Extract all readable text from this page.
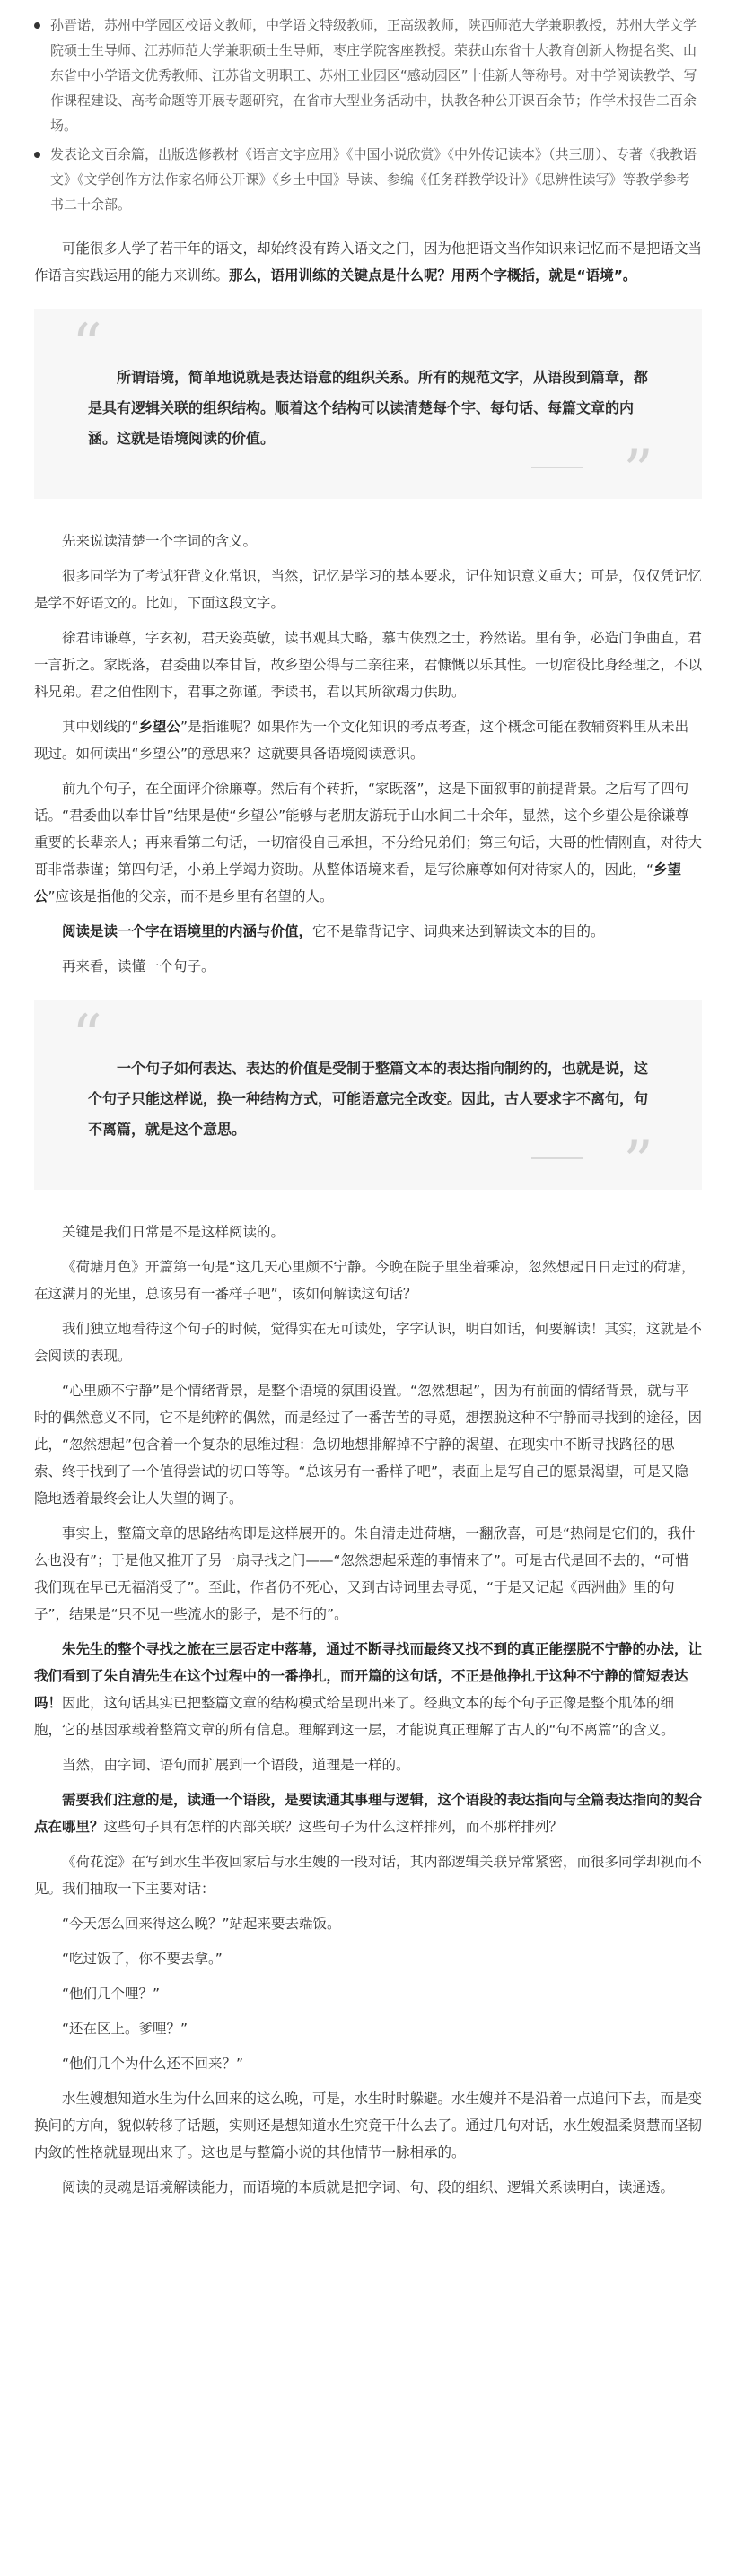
孙晋诺，苏州中学园区校语文教师，中学语文特级教师，正高级教师，陕西师范大学兼职教授，苏州大学文学院硕士生导师、江苏师范大学兼职硕士生导师，枣庄学院客座教授。荣获山东省十大教育创新人物提名奖、山东省中小学语文优秀教师、江苏省文明职工、苏州工业园区“感动园区”十佳新人等称号。对中学阅读教学、写作课程建设、高考命题等开展专题研究，在省市大型业务活动中，执教各种公开课百余节；作学术报告二百余场。
发表论文百余篇，出版选修教材《语言文字应用》《中国小说欣赏》《中外传记读本》（共三册）、专著《我教语文》《文学创作方法作家名师公开课》《乡土中国》导读、参编《任务群教学设计》《思辨性读写》等教学参考书二十余部。

可能很多人学了若干年的语文，却始终没有跨入语文之门，因为他把语文当作知识来记忆而不是把语文当作语言实践运用的能力来训练。那么，语用训练的关键点是什么呢？用两个字概括，就是“语境”。

“	所谓语境，简单地说就是表达语意的组织关系。所有的规范文字，从语段到篇章，都是具有逻辑关联的组织结构。顺着这个结构可以读清楚每个字、每句话、每篇文章的内涵。这就是语境阅读的价值。	”

先来说读清楚一个字词的含义。

很多同学为了考试狂背文化常识，当然，记忆是学习的基本要求，记住知识意义重大；可是，仅仅凭记忆是学不好语文的。比如，下面这段文字。

徐君讳谦尊，字玄初，君天姿英敏，读书观其大略，慕古侠烈之士，矜然诺。里有争，必造门争曲直，君一言折之。家既落，君委曲以奉甘旨，故乡望公得与二亲往来，君慷慨以乐其性。一切宿役比身经理之，不以科兄弟。君之伯性刚卞，君事之弥谨。季读书，君以其所欲竭力供助。

其中划线的“乡望公”是指谁呢？如果作为一个文化知识的考点考查，这个概念可能在教辅资料里从未出现过。如何读出“乡望公”的意思来？这就要具备语境阅读意识。

前九个句子，在全面评介徐廉尊。然后有个转折，“家既落”，这是下面叙事的前提背景。之后写了四句话。“君委曲以奉甘旨”结果是使“乡望公”能够与老朋友游玩于山水间二十余年，显然，这个乡望公是徐谦尊重要的长辈亲人；再来看第二句话，一切宿役自己承担，不分给兄弟们；第三句话，大哥的性情刚直，对待大哥非常恭谨；第四句话，小弟上学竭力资助。从整体语境来看，是写徐廉尊如何对待家人的，因此，“乡望公”应该是指他的父亲，而不是乡里有名望的人。

阅读是读一个字在语境里的内涵与价值，它不是靠背记字、词典来达到解读文本的目的。

再来看，读懂一个句子。

“	一个句子如何表达、表达的价值是受制于整篇文本的表达指向制约的，也就是说，这个句子只能这样说，换一种结构方式，可能语意完全改变。因此，古人要求字不离句，句不离篇，就是这个意思。	”

关键是我们日常是不是这样阅读的。

《荷塘月色》开篇第一句是“这几天心里颇不宁静。今晚在院子里坐着乘凉，忽然想起日日走过的荷塘，在这满月的光里，总该另有一番样子吧”，该如何解读这句话？

我们独立地看待这个句子的时候，觉得实在无可读处，字字认识，明白如话，何要解读！其实，这就是不会阅读的表现。

“心里颇不宁静”是个情绪背景，是整个语境的氛围设置。“忽然想起”，因为有前面的情绪背景，就与平时的偶然意义不同，它不是纯粹的偶然，而是经过了一番苦苦的寻觅，想摆脱这种不宁静而寻找到的途径，因此，“忽然想起”包含着一个复杂的思维过程：急切地想排解掉不宁静的渴望、在现实中不断寻找路径的思索、终于找到了一个值得尝试的切口等等。“总该另有一番样子吧”，表面上是写自己的愿景渴望，可是又隐隐地透着最终会让人失望的调子。

事实上，整篇文章的思路结构即是这样展开的。朱自清走进荷塘，一翻欣喜，可是“热闹是它们的，我什么也没有”；于是他又推开了另一扇寻找之门——“忽然想起采莲的事情来了”。可是古代是回不去的，“可惜我们现在早已无福消受了”。至此，作者仍不死心，又到古诗词里去寻觅，“于是又记起《西洲曲》里的句子”，结果是“只不见一些流水的影子，是不行的”。

朱先生的整个寻找之旅在三层否定中落幕，通过不断寻找而最终又找不到的真正能摆脱不宁静的办法，让我们看到了朱自清先生在这个过程中的一番挣扎，而开篇的这句话，不正是他挣扎于这种不宁静的简短表达吗！因此，这句话其实已把整篇文章的结构模式给呈现出来了。经典文本的每个句子正像是整个肌体的细胞，它的基因承载着整篇文章的所有信息。理解到这一层，才能说真正理解了古人的“句不离篇”的含义。

当然，由字词、语句而扩展到一个语段，道理是一样的。

需要我们注意的是，读通一个语段，是要读通其事理与逻辑，这个语段的表达指向与全篇表达指向的契合点在哪里？这些句子具有怎样的内部关联？这些句子为什么这样排列，而不那样排列？

《荷花淀》在写到水生半夜回家后与水生嫂的一段对话，其内部逻辑关联异常紧密，而很多同学却视而不见。我们抽取一下主要对话：

“今天怎么回来得这么晚？”站起来要去端饭。

“吃过饭了，你不要去拿。”

“他们几个哩？”

“还在区上。爹哩？”

“他们几个为什么还不回来？”

水生嫂想知道水生为什么回来的这么晚，可是，水生时时躲避。水生嫂并不是沿着一点追问下去，而是变换问的方向，貌似转移了话题，实则还是想知道水生究竟干什么去了。通过几句对话，水生嫂温柔贤慧而坚韧内敛的性格就显现出来了。这也是与整篇小说的其他情节一脉相承的。

阅读的灵魂是语境解读能力，而语境的本质就是把字词、句、段的组织、逻辑关系读明白，读通透。
